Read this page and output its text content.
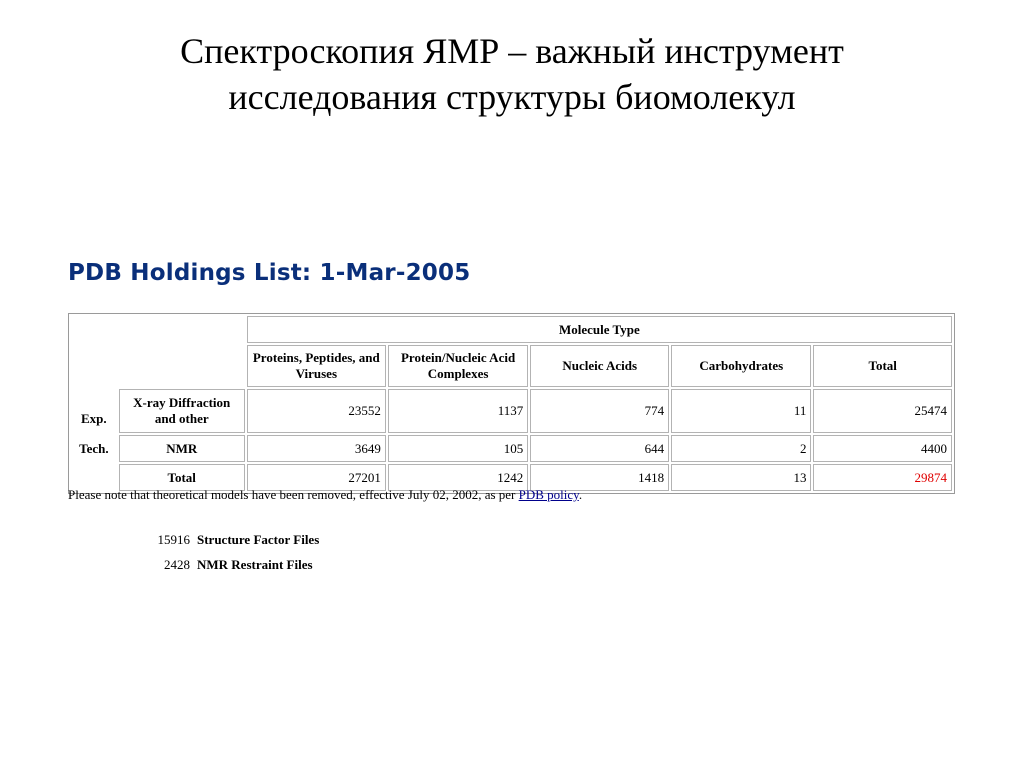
Спектроскопия ЯМР – важный инструмент
исследования структуры биомолекул
PDB Holdings List: 1-Mar-2005
		Molecule Type				
		Proteins, Peptides, and Viruses	Protein/Nucleic Acid Complexes	Nucleic Acids	Carbohydrates	Total
Exp.	X-ray Diffraction and other	23552	1137	774	11	25474
Tech.	NMR	3649	105	644	2	4400
	Total	27201	1242	1418	13	29874
Please note that theoretical models have been removed, effective July 02, 2002, as per PDB policy.
15916 Structure Factor Files
2428 NMR Restraint Files
